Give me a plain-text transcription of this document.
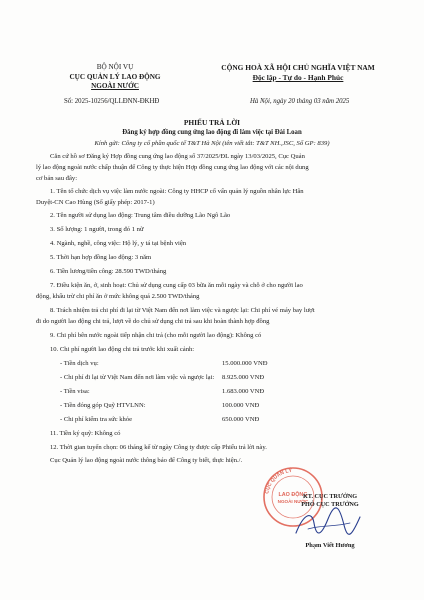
BỘ NỘI VỤ
CỤC QUẢN LÝ LAO ĐỘNG
NGOÀI NƯỚC
CỘNG HOÀ XÃ HỘI CHỦ NGHĨA VIỆT NAM
Độc lập - Tự do - Hạnh Phúc
Số: 2025-10256/QLLĐNN-ĐKHĐ	Hà Nội, ngày 20 tháng 03 năm 2025
PHIẾU TRẢ LỜI
Đăng ký hợp đồng cung ứng lao động đi làm việc tại Đài Loan
Kính gửi: Công ty cổ phần quốc tế T&T Hà Nội (tên viết tắt: T&T NH.,JSC, Số GP: 839)
Căn cứ hồ sơ Đăng ký Hợp đồng cung ứng lao động số 37/2025/ĐL ngày 13/03/2025, Cục Quản
lý lao động ngoài nước chấp thuận để Công ty thực hiện Hợp đồng cung ứng lao động với các nội dung
cơ bản sau đây:
1. Tên tổ chức dịch vụ việc làm nước ngoài: Công ty HHCP cố vấn quản lý nguồn nhân lực Hân
Duyệt-CN Cao Hùng (Số giấy phép: 2017-1)
2. Tên người sử dụng lao động: Trung tâm điều dưỡng Lão Ngô Lão
3. Số lượng: 1 người, trong đó 1 nữ
4. Ngành, nghề, công việc: Hộ lý, y tá tại bệnh viện
5. Thời hạn hợp đồng lao động: 3 năm
6. Tiền lương/tiền công: 28.590 TWD/tháng
7. Điều kiện ăn, ở, sinh hoạt: Chủ sử dụng cung cấp 03 bữa ăn mỗi ngày và chỗ ở cho người lao
động, khấu trừ chi phí ăn ở mức không quá 2.500 TWD/tháng
8. Trách nhiệm trả chi phí đi lại từ Việt Nam đến nơi làm việc và ngược lại: Chi phí vé máy bay lượt
đi do người lao động chi trả, lượt về do chủ sử dụng chi trả sau khi hoàn thành hợp đồng
9. Chi phí bên nước ngoài tiếp nhận chi trả (cho mỗi người lao động): Không có
10. Chi phí người lao động chi trả trước khi xuất cảnh:
- Tiền dịch vụ:	15.000.000 VNĐ
- Chi phí đi lại từ Việt Nam đến nơi làm việc và ngược lại: 8.925.000 VNĐ
- Tiền visa:	1.683.000 VNĐ
- Tiền đóng góp Quỹ HTVLNN:	100.000 VNĐ
- Chi phí kiểm tra sức khỏe	650.000 VNĐ
11. Tiền ký quỹ: Không có
12. Thời gian tuyển chọn: 06 tháng kể từ ngày Công ty được cấp Phiếu trả lời này.
Cục Quản lý lao động ngoài nước thông báo để Công ty biết, thực hiện./.
CỤC QUẢN LÝ
LAO ĐỘNG
NGOÀI NƯỚC
KT. CỤC TRƯỞNG
PHÓ CỤC TRƯỞNG
Phạm Viết Hương
